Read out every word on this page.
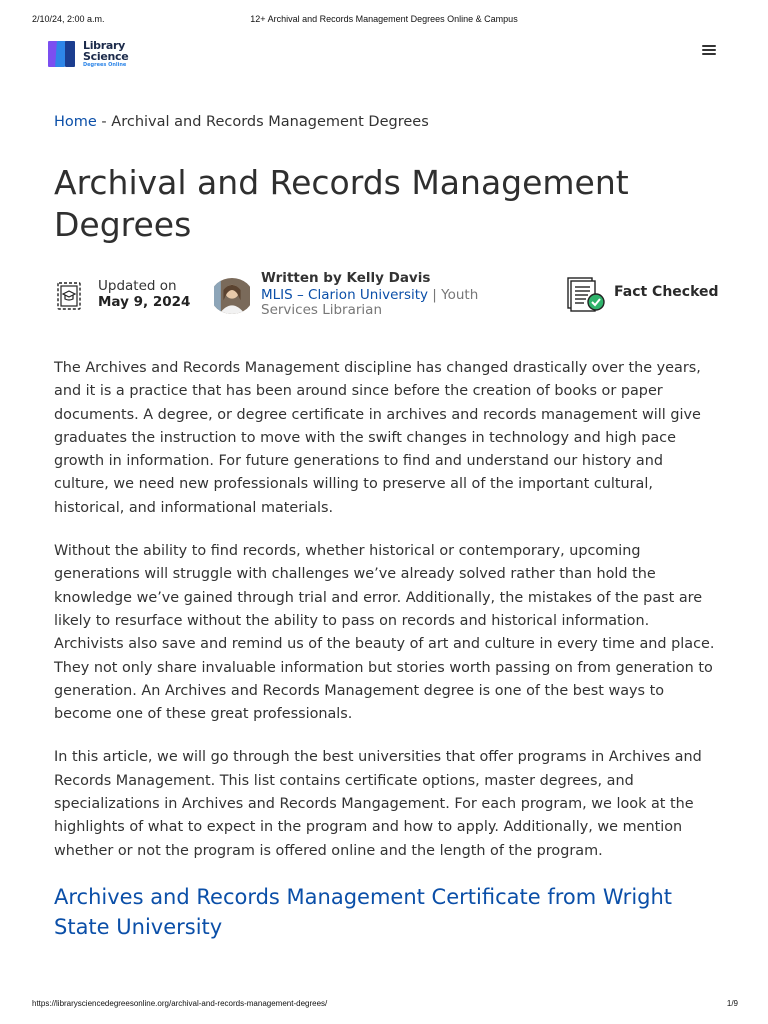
2/10/24, 2:00 a.m.	12+ Archival and Records Management Degrees Online & Campus
Library
Science
Degrees Online
Home - Archival and Records Management Degrees
Archival and Records Management Degrees
Updated on
May 9, 2024
Written by Kelly Davis
MLIS – Clarion University | Youth Services Librarian
Fact Checked

The Archives and Records Management discipline has changed drastically over the years, and it is a practice that has been around since before the creation of books or paper documents. A degree, or degree certificate in archives and records management will give graduates the instruction to move with the swift changes in technology and high pace growth in information. For future generations to find and understand our history and culture, we need new professionals willing to preserve all of the important cultural, historical, and informational materials.

Without the ability to find records, whether historical or contemporary, upcoming generations will struggle with challenges we’ve already solved rather than hold the knowledge we’ve gained through trial and error. Additionally, the mistakes of the past are likely to resurface without the ability to pass on records and historical information. Archivists also save and remind us of the beauty of art and culture in every time and place. They not only share invaluable information but stories worth passing on from generation to generation. An Archives and Records Management degree is one of the best ways to become one of these great professionals.

In this article, we will go through the best universities that offer programs in Archives and Records Management. This list contains certificate options, master degrees, and specializations in Archives and Records Mangagement. For each program, we look at the highlights of what to expect in the program and how to apply. Additionally, we mention whether or not the program is offered online and the length of the program.

Archives and Records Management Certificate from Wright State University
https://librarysciencedegreesonline.org/archival-and-records-management-degrees/	1/9
